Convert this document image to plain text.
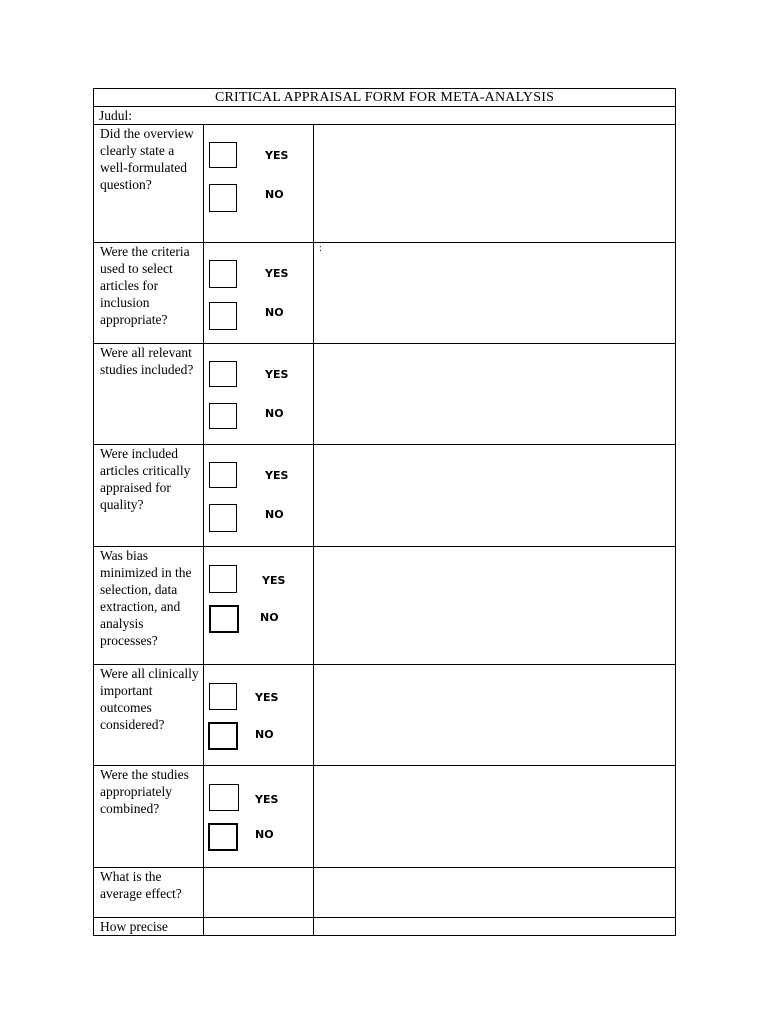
CRITICAL APPRAISAL FORM FOR META-ANALYSIS		
Judul:		

Did the overview clearly state a well-formulated question?	YES
NO	

Were the criteria used to select articles for inclusion appropriate?	YES
NO	:

Were all relevant studies included?	YES
NO	

Were included articles critically appraised for quality?	YES
NO	

Was bias minimized in the selection, data extraction, and analysis processes?	YES
NO	

Were all clinically important outcomes considered?	YES
NO	

Were the studies appropriately combined?	YES
NO	

What is the average effect?		

How precise		
